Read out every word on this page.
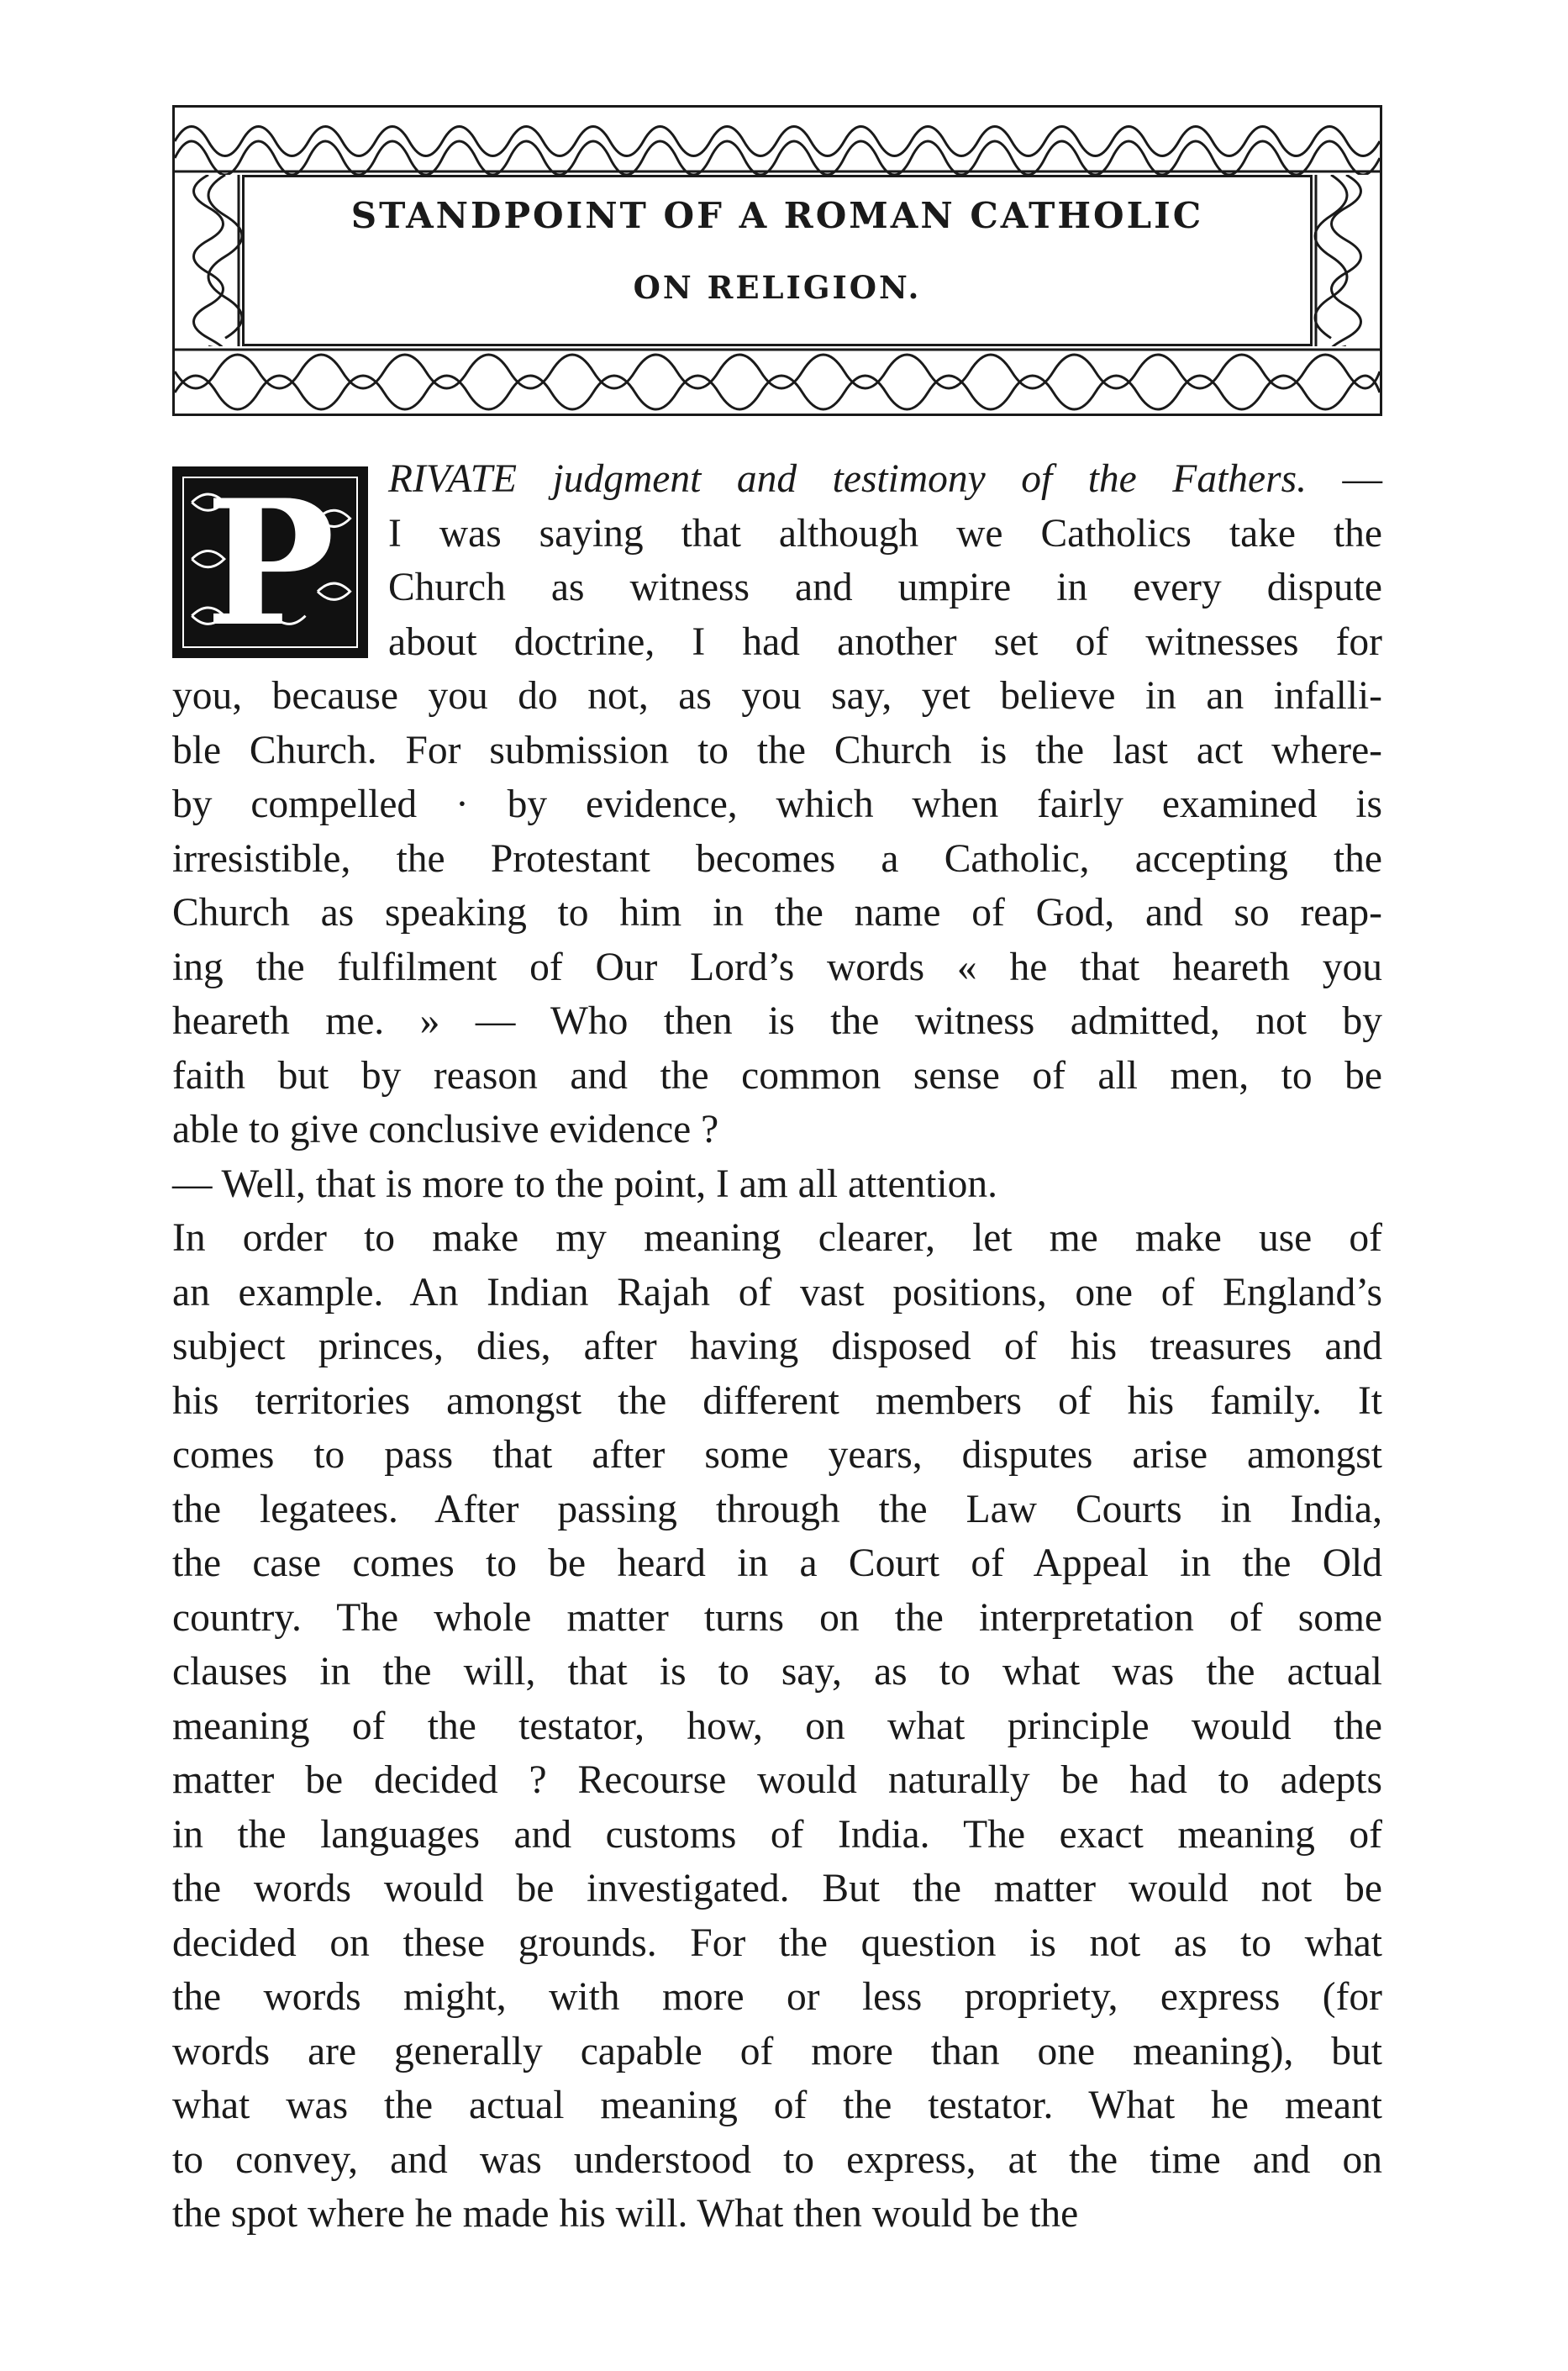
STANDPOINT OF A ROMAN CATHOLIC
ON RELIGION.
P	RIVATE judgment and testimony of the Fathers. —
I was saying that although we Catholics take the
Church as witness and umpire in every dispute
about doctrine, I had another set of witnesses for
you, because you do not, as you say, yet believe in an infalli-
ble Church. For submission to the Church is the last act where-
by compelled · by evidence, which when fairly examined is
irresistible, the Protestant becomes a Catholic, accepting the
Church as speaking to him in the name of God, and so reap-
ing the fulfilment of Our Lord’s words « he that heareth you
heareth me. » — Who then is the witness admitted, not by
faith but by reason and the common sense of all men, to be
able to give conclusive evidence ?
— Well, that is more to the point, I am all attention.
In order to make my meaning clearer, let me make use of
an example. An Indian Rajah of vast positions, one of England’s
subject princes, dies, after having disposed of his treasures and
his territories amongst the different members of his family. It
comes to pass that after some years, disputes arise amongst
the legatees. After passing through the Law Courts in India,
the case comes to be heard in a Court of Appeal in the Old
country. The whole matter turns on the interpretation of some
clauses in the will, that is to say, as to what was the actual
meaning of the testator, how, on what principle would the
matter be decided ? Recourse would naturally be had to adepts
in the languages and customs of India. The exact meaning of
the words would be investigated. But the matter would not be
decided on these grounds. For the question is not as to what
the words might, with more or less propriety, express (for
words are generally capable of more than one meaning), but
what was the actual meaning of the testator. What he meant
to convey, and was understood to express, at the time and on
the spot where he made his will. What then would be the
